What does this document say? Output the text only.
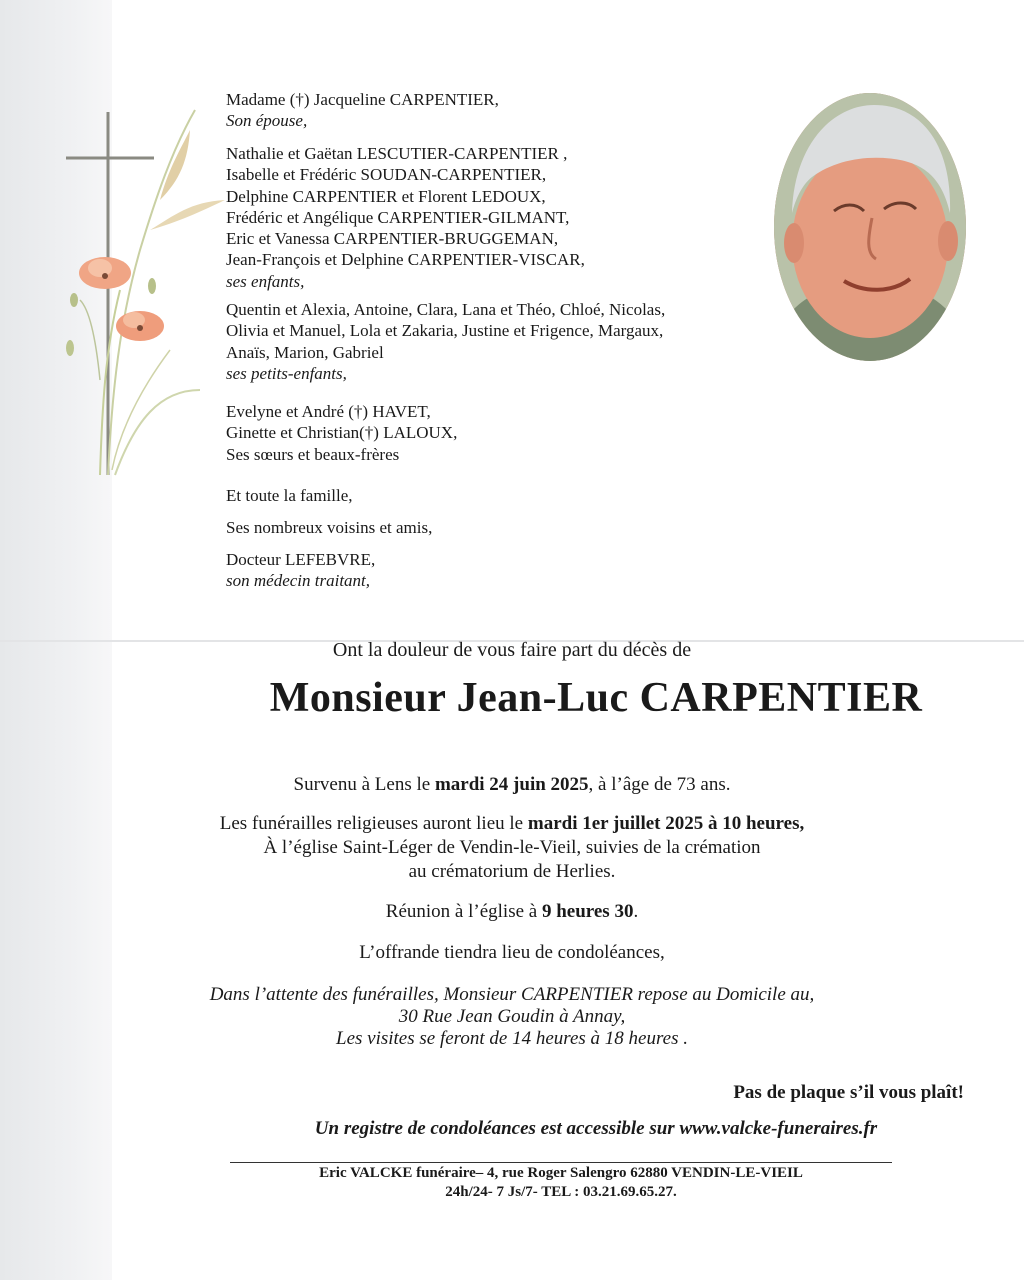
Madame (†) Jacqueline CARPENTIER,
Son épouse,
Nathalie et Gaëtan LESCUTIER-CARPENTIER ,
Isabelle et Frédéric SOUDAN-CARPENTIER,
Delphine CARPENTIER et Florent LEDOUX,
Frédéric et Angélique CARPENTIER-GILMANT,
Eric et Vanessa CARPENTIER-BRUGGEMAN,
Jean-François et Delphine CARPENTIER-VISCAR,
ses enfants,
Quentin et Alexia, Antoine, Clara, Lana et Théo, Chloé, Nicolas,
Olivia et Manuel, Lola et Zakaria, Justine et Frigence, Margaux,
Anaïs, Marion, Gabriel
ses petits-enfants,
Evelyne et André (†) HAVET,
Ginette et Christian(†) LALOUX,
Ses sœurs et beaux-frères
Et toute la famille,
Ses nombreux voisins et amis,
Docteur LEFEBVRE,
son médecin traitant,
Ont la douleur de vous faire part du décès de
Monsieur Jean-Luc CARPENTIER
Survenu à Lens le mardi 24 juin 2025, à l’âge de 73 ans.
Les funérailles religieuses auront lieu le mardi 1er juillet 2025 à 10 heures,
À l’église Saint-Léger de Vendin-le-Vieil, suivies de la crémation
au crématorium de Herlies.
Réunion à l’église à 9 heures 30.
L’offrande tiendra lieu de condoléances,
Dans l’attente des funérailles, Monsieur CARPENTIER repose au Domicile au,
30 Rue Jean Goudin à Annay,
Les visites se feront de 14 heures à 18 heures .
Pas de plaque s’il vous plaît!
Un registre de condoléances est accessible sur www.valcke-funeraires.fr
Eric VALCKE funéraire– 4, rue Roger Salengro 62880 VENDIN-LE-VIEIL
24h/24- 7 Js/7- TEL : 03.21.69.65.27.
